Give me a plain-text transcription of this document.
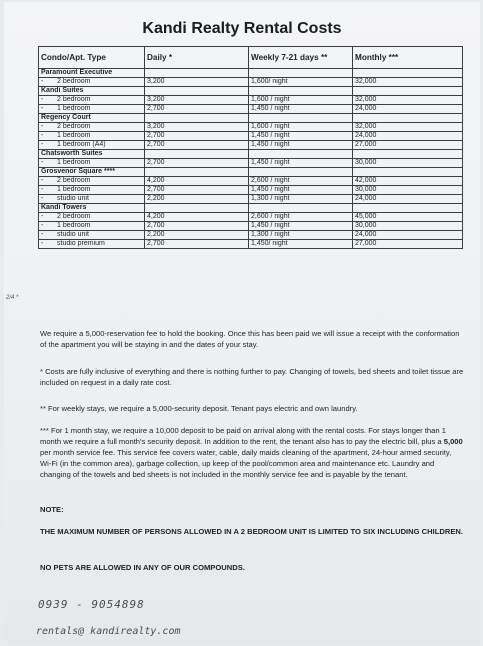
Kandi Realty Rental Costs
Condo/Apt. Type	Daily *	Weekly 7-21 days **	Monthly ***
Paramount Executive			
- 2 bedroom	3,200	1,600/ night	32,000
Kandi Suites			
- 2 bedroom	3,200	1,600 / night	32,000
- 1 bedroom	2,700	1,450 / night	24,000
Regency Court			
- 2 bedroom	3,200	1,600 / night	32,000
- 1 bedroom	2,700	1,450 / night	24,000
- 1 bedroom (A4)	2,700	1,450 / night	27,000
Chatsworth Suites			
- 1 bedroom	2,700	1,450 / night	30,000
Grosvenor Square ****			
- 2 bedroom	4,200	2,600 / night	42,000
- 1 bedroom	2,700	1,450 / night	30,000
- studio unit	2,200	1,300 / night	24,000
Kandi Towers			
- 2 bedroom	4,200	2,600 / night	45,000
- 1 bedroom	2,700	1,450 / night	30,000
- studio unit	2,200	1,300 / night	24,000
- studio premium	2,700	1,450/ night	27,000

We require a 5,000-reservation fee to hold the booking. Once this has been paid we will issue a receipt with the conformation of the apartment you will be staying in and the dates of your stay.

* Costs are fully inclusive of everything and there is nothing further to pay. Changing of towels, bed sheets and toilet tissue are included on request in a daily rate cost.

** For weekly stays, we require a 5,000-security deposit. Tenant pays electric and own laundry.

*** For 1 month stay, we require a 10,000 deposit to be paid on arrival along with the rental costs. For stays longer than 1 month we require a full month's security deposit. In addition to the rent, the tenant also has to pay the electric bill, plus a 5,000 per month service fee. This service fee covers water, cable, daily maids cleaning of the apartment, 24-hour armed security, Wi-Fi (in the common area), garbage collection, up keep of the pool/common area and maintenance etc. Laundry and changing of the towels and bed sheets is not included in the monthly service fee and is payable by the tenant.

NOTE:

THE MAXIMUM NUMBER OF PERSONS ALLOWED IN A 2 BEDROOM UNIT IS LIMITED TO SIX INCLUDING CHILDREN.

NO PETS ARE ALLOWED IN ANY OF OUR COMPOUNDS.

0939 - 9054898
rentals@ kandirealty.com
2/4 *
